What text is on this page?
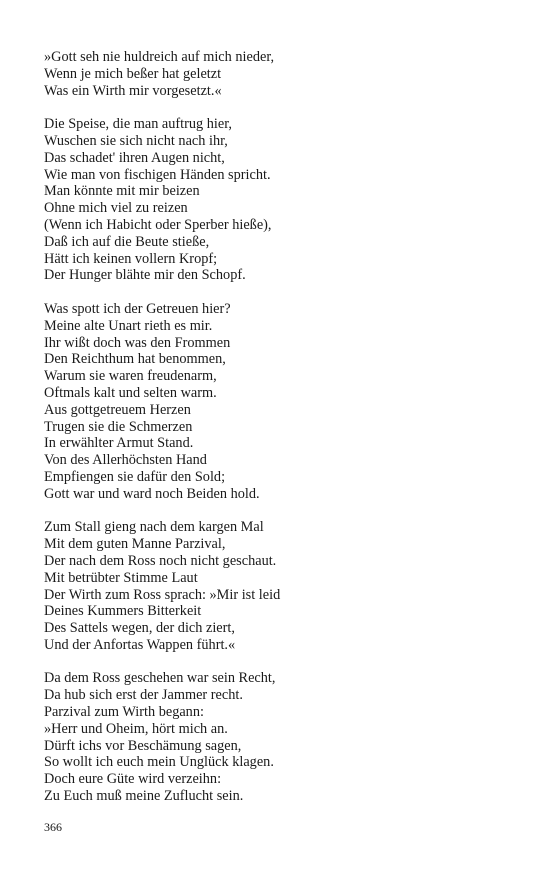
»Gott seh nie huldreich auf mich nieder,
Wenn je mich beßer hat geletzt
Was ein Wirth mir vorgesetzt.«
Die Speise, die man auftrug hier,
Wuschen sie sich nicht nach ihr,
Das schadet' ihren Augen nicht,
Wie man von fischigen Händen spricht.
Man könnte mit mir beizen
Ohne mich viel zu reizen
(Wenn ich Habicht oder Sperber hieße),
Daß ich auf die Beute stieße,
Hätt ich keinen vollern Kropf;
Der Hunger blähte mir den Schopf.
Was spott ich der Getreuen hier?
Meine alte Unart rieth es mir.
Ihr wißt doch was den Frommen
Den Reichthum hat benommen,
Warum sie waren freudenarm,
Oftmals kalt und selten warm.
Aus gottgetreuem Herzen
Trugen sie die Schmerzen
In erwählter Armut Stand.
Von des Allerhöchsten Hand
Empfiengen sie dafür den Sold;
Gott war und ward noch Beiden hold.
Zum Stall gieng nach dem kargen Mal
Mit dem guten Manne Parzival,
Der nach dem Ross noch nicht geschaut.
Mit betrübter Stimme Laut
Der Wirth zum Ross sprach: »Mir ist leid
Deines Kummers Bitterkeit
Des Sattels wegen, der dich ziert,
Und der Anfortas Wappen führt.«
Da dem Ross geschehen war sein Recht,
Da hub sich erst der Jammer recht.
Parzival zum Wirth begann:
»Herr und Oheim, hört mich an.
Dürft ichs vor Beschämung sagen,
So wollt ich euch mein Unglück klagen.
Doch eure Güte wird verzeihn:
Zu Euch muß meine Zuflucht sein.
366
